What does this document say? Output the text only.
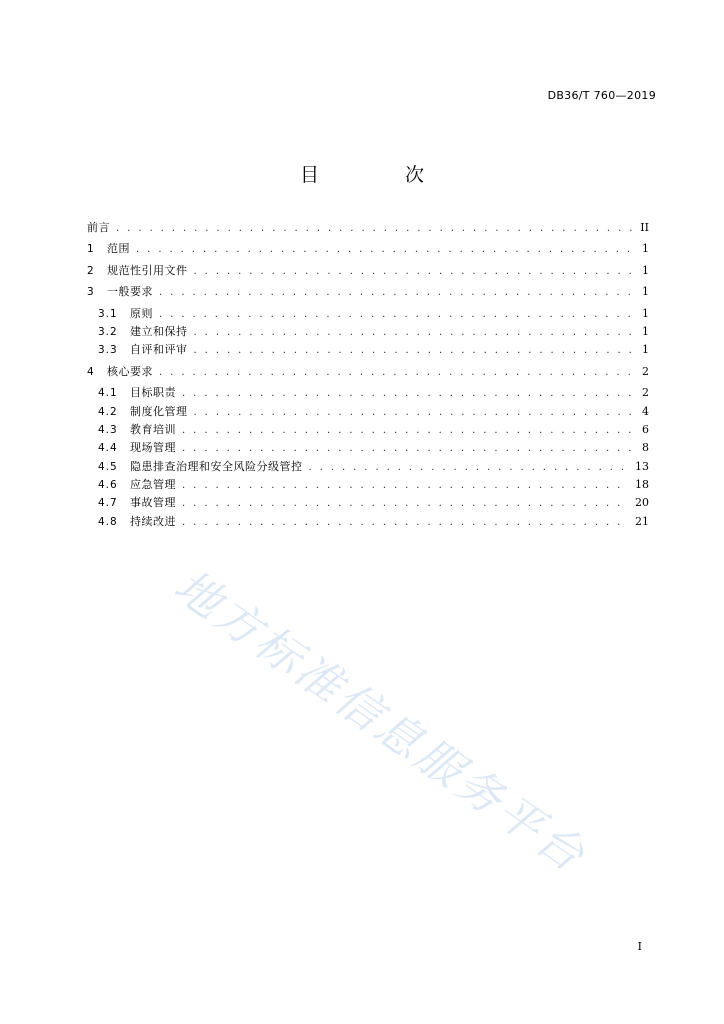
DB36/T 760—2019
目 次
前言 . . .	II
1	范围 . . .	1
2	规范性引用文件 . . .	1
3	一般要求 . . .	1
3.1	原则 . . .	1
3.2	建立和保持 . . .	1
3.3	自评和评审 . . .	1
4	核心要求 . . .	2
4.1	目标职责 . . .	2
4.2	制度化管理 . . .	4
4.3	教育培训 . . .	6
4.4	现场管理 . . .	8
4.5	隐患排查治理和安全风险分级管控 . . .	13
4.6	应急管理 . . .	18
4.7	事故管理 . . .	20
4.8	持续改进 . . .	21
地方标准信息服务平台
I
